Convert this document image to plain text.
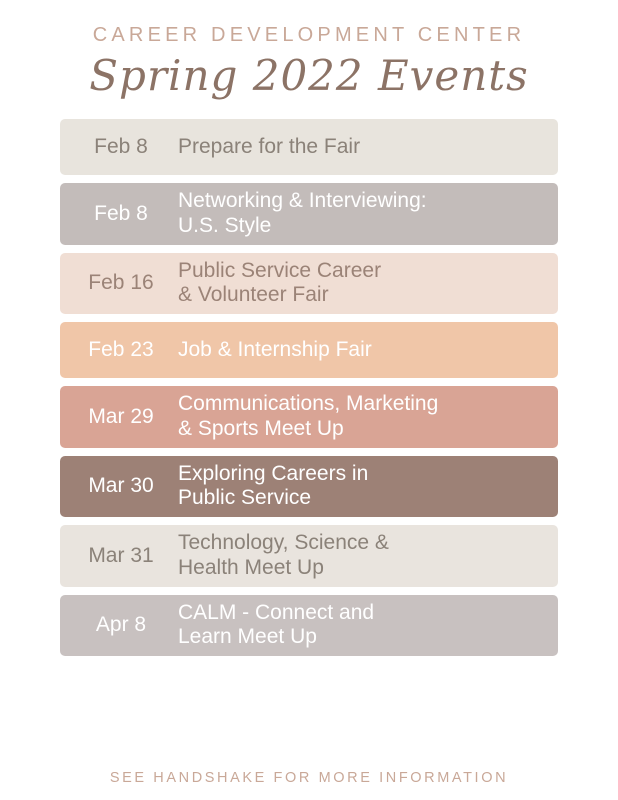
CAREER DEVELOPMENT CENTER
Spring 2022 Events
Feb 8	Prepare for the Fair
Feb 8
Networking & Interviewing:
U.S. Style
Feb 16
Public Service Career
& Volunteer Fair
Feb 23	Job & Internship Fair
Mar 29
Communications, Marketing
& Sports Meet Up
Mar 30
Exploring Careers in
Public Service
Mar 31
Technology, Science &
Health Meet Up
Apr 8
CALM - Connect and
Learn Meet Up
SEE HANDSHAKE FOR MORE INFORMATION
